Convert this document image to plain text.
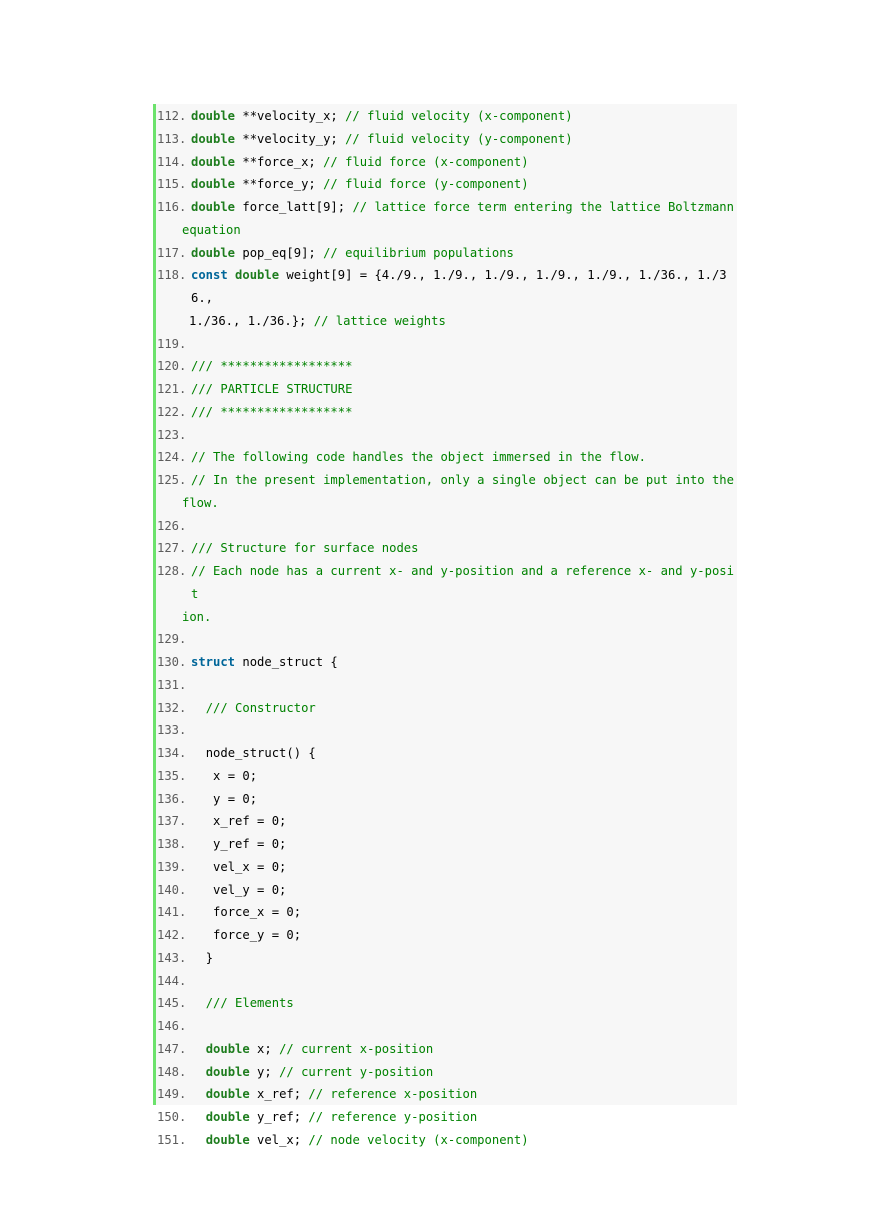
112. double **velocity_x; // fluid velocity (x-component)
113. double **velocity_y; // fluid velocity (y-component)
114. double **force_x; // fluid force (x-component)
115. double **force_y; // fluid force (y-component)
116. double force_latt[9]; // lattice force term entering the lattice Boltzmann
equation
117. double pop_eq[9]; // equilibrium populations
118. const double weight[9] = {4./9., 1./9., 1./9., 1./9., 1./9., 1./36., 1./36.,
1./36., 1./36.}; // lattice weights
119.

120. /// ******************
121. /// PARTICLE STRUCTURE
122. /// ******************
123.

124. // The following code handles the object immersed in the flow.
125. // In the present implementation, only a single object can be put into the
flow.
126.

127. /// Structure for surface nodes
128. // Each node has a current x- and y-position and a reference x- and y-posit
ion.
129.

130. struct node_struct {
131.

132.	/// Constructor
133.

134. node_struct() {
135. x = 0;
136. y = 0;
137. x_ref = 0;
138. y_ref = 0;
139. vel_x = 0;
140. vel_y = 0;
141. force_x = 0;
142. force_y = 0;
143. }
144.

145.	/// Elements
146.

147.	double x; // current x-position
148.	double y; // current y-position
149.	double x_ref; // reference x-position
150.	double y_ref; // reference y-position
151.	double vel_x; // node velocity (x-component)
